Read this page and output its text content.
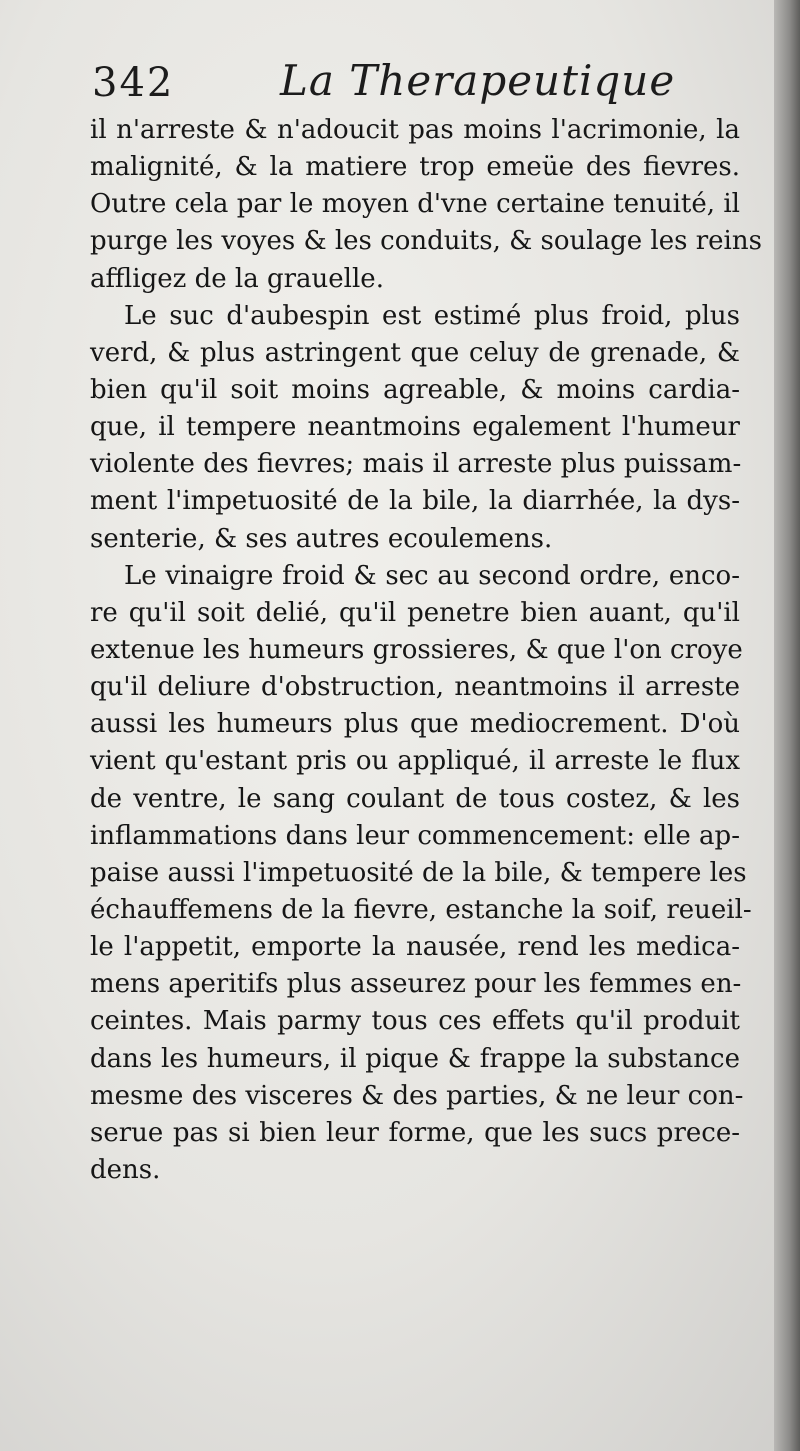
342	La Therapeutique
il n'arreste & n'adoucit pas moins l'acrimonie, la
malignité, & la matiere trop emeüe des fievres.
Outre cela par le moyen d'vne certaine tenuité, il
purge les voyes & les conduits, & soulage les reins
affligez de la grauelle.
Le suc d'aubespin est estimé plus froid, plus
verd, & plus astringent que celuy de grenade, &
bien qu'il soit moins agreable, & moins cardia-
que, il tempere neantmoins egalement l'humeur
violente des fievres; mais il arreste plus puissam-
ment l'impetuosité de la bile, la diarrhée, la dys-
senterie, & ses autres ecoulemens.
Le vinaigre froid & sec au second ordre, enco-
re qu'il soit delié, qu'il penetre bien auant, qu'il
extenue les humeurs grossieres, & que l'on croye
qu'il deliure d'obstruction, neantmoins il arreste
aussi les humeurs plus que mediocrement. D'où
vient qu'estant pris ou appliqué, il arreste le flux
de ventre, le sang coulant de tous costez, & les
inflammations dans leur commencement: elle ap-
paise aussi l'impetuosité de la bile, & tempere les
échauffemens de la fievre, estanche la soif, reueil-
le l'appetit, emporte la nausée, rend les medica-
mens aperitifs plus asseurez pour les femmes en-
ceintes. Mais parmy tous ces effets qu'il produit
dans les humeurs, il pique & frappe la substance
mesme des visceres & des parties, & ne leur con-
serue pas si bien leur forme, que les sucs prece-
dens.
